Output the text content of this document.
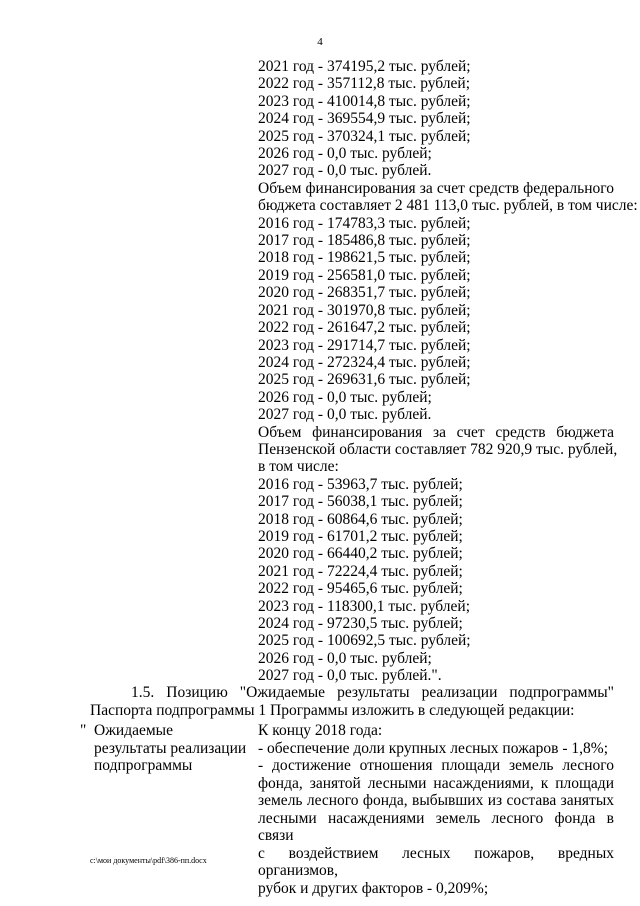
4
2021 год - 374195,2 тыс. рублей;
2022 год - 357112,8 тыс. рублей;
2023 год - 410014,8 тыс. рублей;
2024 год - 369554,9 тыс. рублей;
2025 год - 370324,1 тыс. рублей;
2026 год - 0,0 тыс. рублей;
2027 год - 0,0 тыс. рублей.
Объем финансирования за счет средств федерального
бюджета составляет 2 481 113,0 тыс. рублей, в том числе:
2016 год - 174783,3 тыс. рублей;
2017 год - 185486,8 тыс. рублей;
2018 год - 198621,5 тыс. рублей;
2019 год - 256581,0 тыс. рублей;
2020 год - 268351,7 тыс. рублей;
2021 год - 301970,8 тыс. рублей;
2022 год - 261647,2 тыс. рублей;
2023 год - 291714,7 тыс. рублей;
2024 год - 272324,4 тыс. рублей;
2025 год - 269631,6 тыс. рублей;
2026 год - 0,0 тыс. рублей;
2027 год - 0,0 тыс. рублей.
Объем финансирования за счет средств бюджета
Пензенской области составляет 782 920,9 тыс. рублей,
в том числе:
2016 год - 53963,7 тыс. рублей;
2017 год - 56038,1 тыс. рублей;
2018 год - 60864,6 тыс. рублей;
2019 год - 61701,2 тыс. рублей;
2020 год - 66440,2 тыс. рублей;
2021 год - 72224,4 тыс. рублей;
2022 год - 95465,6 тыс. рублей;
2023 год - 118300,1 тыс. рублей;
2024 год - 97230,5 тыс. рублей;
2025 год - 100692,5 тыс. рублей;
2026 год - 0,0 тыс. рублей;
2027 год - 0,0 тыс. рублей.".
1.5. Позицию "Ожидаемые результаты реализации подпрограммы"
Паспорта подпрограммы 1 Программы изложить в следующей редакции:
" Ожидаемые
результаты реализации
подпрограммы
К концу 2018 года:
- обеспечение доли крупных лесных пожаров - 1,8%;
- достижение отношения площади земель лесного
фонда, занятой лесными насаждениями, к площади
земель лесного фонда, выбывших из состава занятых
лесными насаждениями земель лесного фонда в связи
с воздействием лесных пожаров, вредных организмов,
рубок и других факторов - 0,209%;
c:\мои документы\pdf\386-пп.docx
